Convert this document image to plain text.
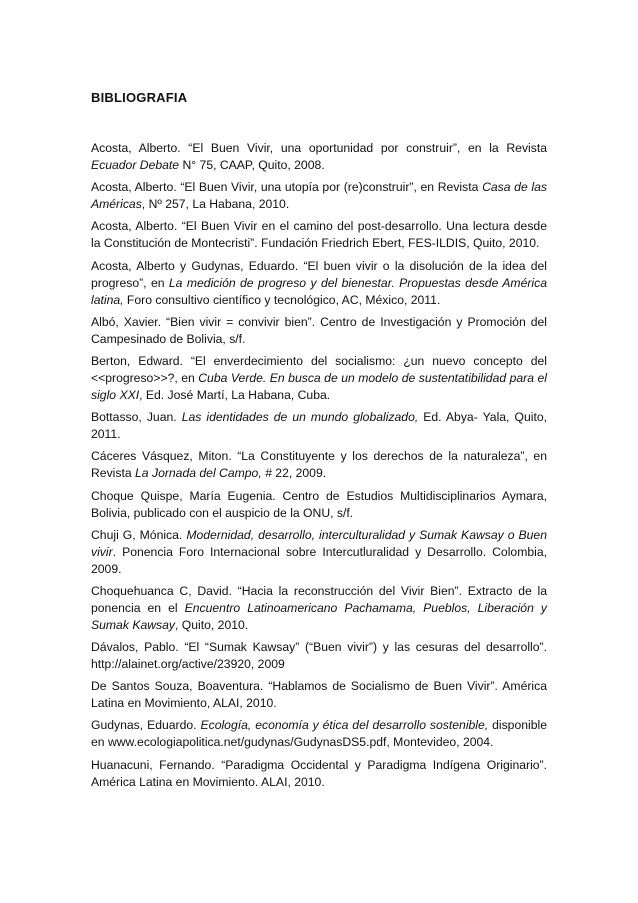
BIBLIOGRAFIA
Acosta, Alberto. “El Buen Vivir, una oportunidad por construir”, en la Revista Ecuador Debate N° 75, CAAP, Quito, 2008.
Acosta, Alberto. “El Buen Vivir, una utopía por (re)construir”, en Revista Casa de las Américas, Nº 257, La Habana, 2010.
Acosta, Alberto. “El Buen Vivir en el camino del post-desarrollo. Una lectura desde la Constitución de Montecristi”. Fundación Friedrich Ebert, FES-ILDIS, Quito, 2010.
Acosta, Alberto y Gudynas, Eduardo. “El buen vivir o la disolución de la idea del progreso”, en La medición de progreso y del bienestar. Propuestas desde América latina, Foro consultivo científico y tecnológico, AC, México, 2011.
Albó, Xavier. “Bien vivir = convivir bien”. Centro de Investigación y Promoción del Campesinado de Bolivia, s/f.
Berton, Edward. “El enverdecimiento del socialismo: ¿un nuevo concepto del <<progreso>>?, en Cuba Verde. En busca de un modelo de sustentatibilidad para el siglo XXI, Ed. José Martí, La Habana, Cuba.
Bottasso, Juan. Las identidades de un mundo globalizado, Ed. Abya- Yala, Quito, 2011.
Cáceres Vásquez, Miton. “La Constituyente y los derechos de la naturaleza”, en Revista La Jornada del Campo, # 22, 2009.
Choque Quispe, María Eugenia. Centro de Estudios Multidisciplinarios Aymara, Bolivia, publicado con el auspicio de la ONU, s/f.
Chuji G, Mónica. Modernidad, desarrollo, interculturalidad y Sumak Kawsay o Buen vivir. Ponencia Foro Internacional sobre Intercutluralidad y Desarrollo. Colombia, 2009.
Choquehuanca C, David. “Hacia la reconstrucción del Vivir Bien”. Extracto de la ponencia en el Encuentro Latinoamericano Pachamama, Pueblos, Liberación y Sumak Kawsay, Quito, 2010.
Dávalos, Pablo. “El “Sumak Kawsay” (“Buen vivir”) y las cesuras del desarrollo”. http://alainet.org/active/23920, 2009
De Santos Souza, Boaventura. “Hablamos de Socialismo de Buen Vivir”. América Latina en Movimiento, ALAI, 2010.
Gudynas, Eduardo. Ecología, economía y ética del desarrollo sostenible, disponible en www.ecologiapolitica.net/gudynas/GudynasDS5.pdf, Montevideo, 2004.
Huanacuni, Fernando. “Paradigma Occidental y Paradigma Indígena Originario”. América Latina en Movimiento. ALAI, 2010.
